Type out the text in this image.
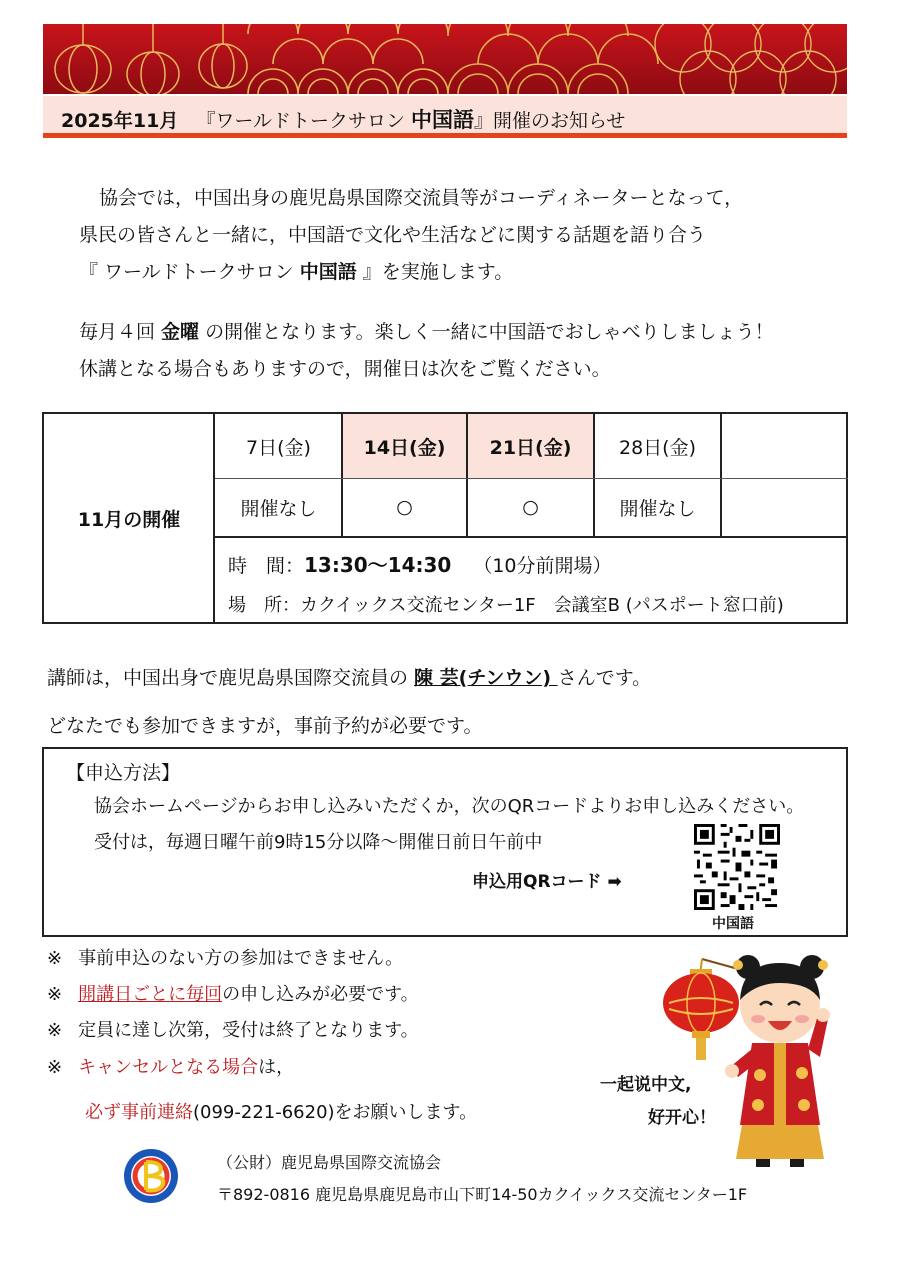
2025年11月 『ワールドトークサロン 中国語』開催のお知らせ
協会では，中国出身の鹿児島県国際交流員等がコーディネーターとなって，
県民の皆さんと一緒に，中国語で文化や生活などに関する話題を語り合う
『 ワールドトークサロン 中国語 』を実施します。
毎月４回 金曜 の開催となります。楽しく一緒に中国語でおしゃべりしましょう！
休講となる場合もありますので，開催日は次をご覧ください。
11月の開催
7日(金)	14日(金)	21日(金)	28日(金)
開催なし	○	○	開催なし
時　間：13:30～14:30 （10分前開場）
場　所：カクイックス交流センター1F　会議室B (パスポート窓口前)
講師は，中国出身で鹿児島県国際交流員の 陳 芸(チンウン) さんです。
どなたでも参加できますが，事前予約が必要です。
【申込方法】
協会ホームページからお申し込みいただくか，次のQRコードよりお申し込みください。
受付は，毎週日曜午前9時15分以降～開催日前日午前中
申込用QRコード ➡
中国語
※ 事前申込のない方の参加はできません。
※ 開講日ごとに毎回の申し込みが必要です。
※ 定員に達し次第，受付は終了となります。
※ キャンセルとなる場合は，
必ず事前連絡(099-221-6620)をお願いします。
一起说中文,
好开心！
（公財）鹿児島県国際交流協会
〒892-0816 鹿児島県鹿児島市山下町14-50カクイックス交流センター1F
